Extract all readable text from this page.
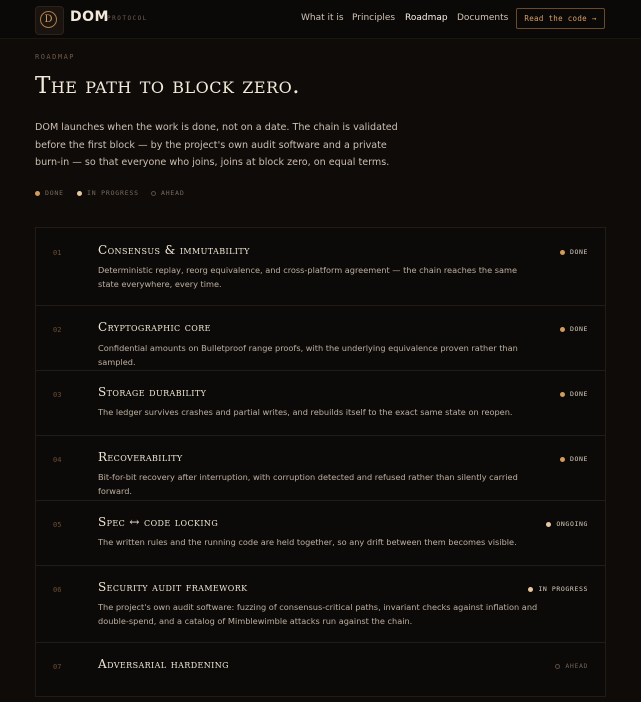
D	DOM
PROTOCOL	What it is Principles Roadmap Documents	Read the code →
ROADMAP
The path to block zero.
DOM launches when the work is done, not on a date. The chain is validated before the first block — by the project's own audit software and a private burn-in — so that everyone who joins, joins at block zero, on equal terms.
DONE	IN PROGRESS	AHEAD
01	Consensus & immutability
Deterministic replay, reorg equivalence, and cross-platform agreement — the chain reaches the same state everywhere, every time.
DONE
02	Cryptographic core
Confidential amounts on Bulletproof range proofs, with the underlying equivalence proven rather than sampled.
DONE
03	Storage durability
The ledger survives crashes and partial writes, and rebuilds itself to the exact same state on reopen.
DONE
04	Recoverability
Bit-for-bit recovery after interruption, with corruption detected and refused rather than silently carried forward.
DONE
05	Spec ↔ code locking
The written rules and the running code are held together, so any drift between them becomes visible.
ONGOING
06	Security audit framework
The project's own audit software: fuzzing of consensus-critical paths, invariant checks against inflation and double-spend, and a catalog of Mimblewimble attacks run against the chain.
IN PROGRESS
07	Adversarial hardening	AHEAD
